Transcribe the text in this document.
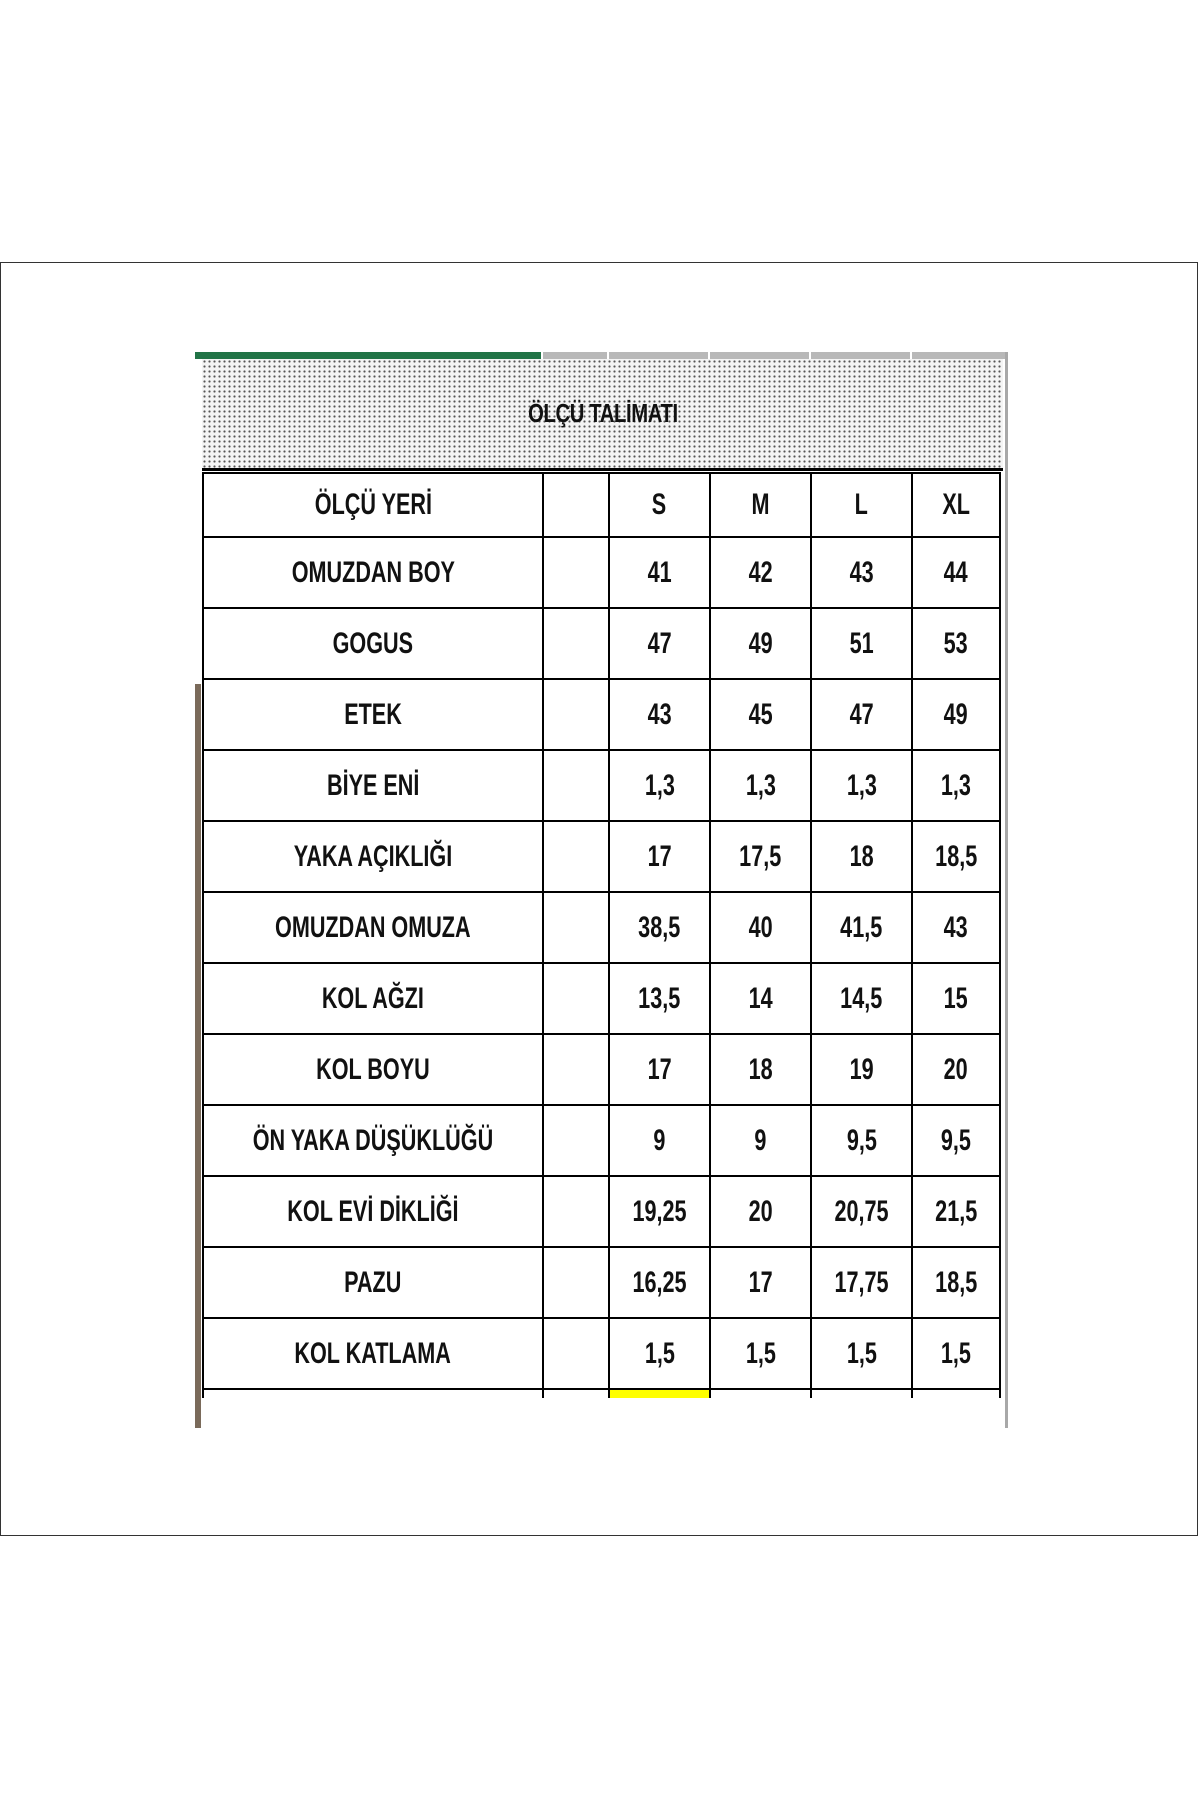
ÖLÇÜ TALİMATI
ÖLÇÜ YERİ		S	M	L	XL
OMUZDAN BOY		41	42	43	44
GOGUS		47	49	51	53
ETEK		43	45	47	49
BİYE ENİ		1,3	1,3	1,3	1,3
YAKA AÇIKLIĞI		17	17,5	18	18,5
OMUZDAN OMUZA		38,5	40	41,5	43
KOL AĞZI		13,5	14	14,5	15
KOL BOYU		17	18	19	20
ÖN YAKA DÜŞÜKLÜĞÜ		9	9	9,5	9,5
KOL EVİ DİKLİĞİ		19,25	20	20,75	21,5
PAZU		16,25	17	17,75	18,5
KOL KATLAMA		1,5	1,5	1,5	1,5
